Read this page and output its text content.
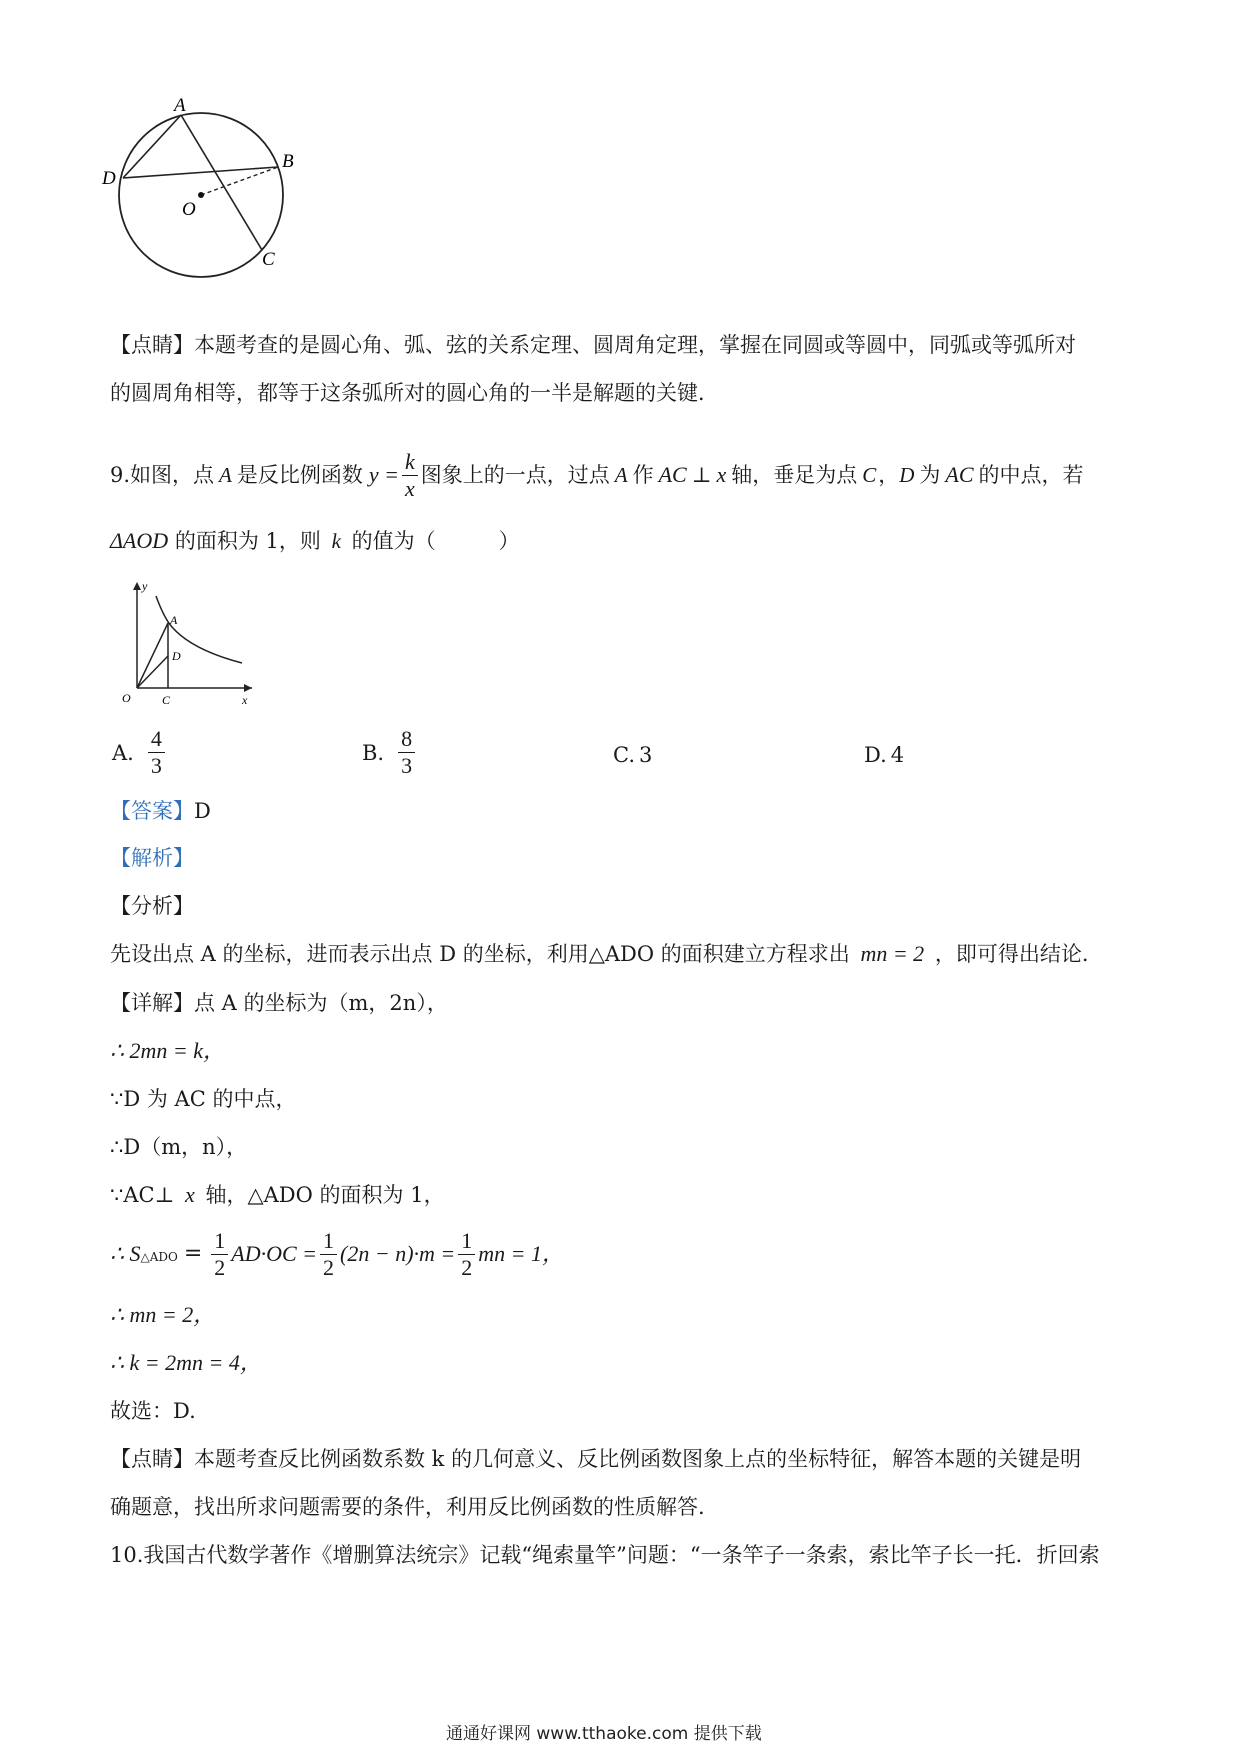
A
B
C
D
O
【点睛】本题考查的是圆心角、弧、弦的关系定理、圆周角定理，掌握在同圆或等圆中，同弧或等弧所对
的圆周角相等，都等于这条弧所对的圆心角的一半是解题的关键．
9.如图，点 A 是反比例函数 $y = \frac{k}{x}$ 图象上的一点，过点 A 作 AC ⊥ x 轴，垂足为点 C ， D 为 AC 的中点，若
ΔAOD 的面积为 1，则 k 的值为（　　　）
y
x
O	C
A
D
A. $\frac{4}{3}$	B. $\frac{8}{3}$	C. 3	D. 4
【答案】D
【解析】
【分析】
先设出点 A 的坐标，进而表示出点 D 的坐标，利用△ADO 的面积建立方程求出 mn = 2 ，即可得出结论.
【详解】点 A 的坐标为（m，2n），
∴ 2mn = k，
∵D 为 AC 的中点，
∴D（m，n），
∵AC⊥ x 轴，△ADO 的面积为 1，
∴ S △ADO = $\frac{1}{2} AD\cdot OC = \frac{1}{2} (2n - n)\cdot m = \frac{1}{2}$ mn = 1，
∴ mn = 2，
∴ k = 2mn = 4，
故选：D.
【点睛】本题考查反比例函数系数 k 的几何意义、反比例函数图象上点的坐标特征，解答本题的关键是明
确题意，找出所求问题需要的条件，利用反比例函数的性质解答.
10.我国古代数学著作《增删算法统宗》记载“绳索量竿”问题：“一条竿子一条索，索比竿子长一托．折回索
通通好课网 www.tthaoke.com 提供下载
